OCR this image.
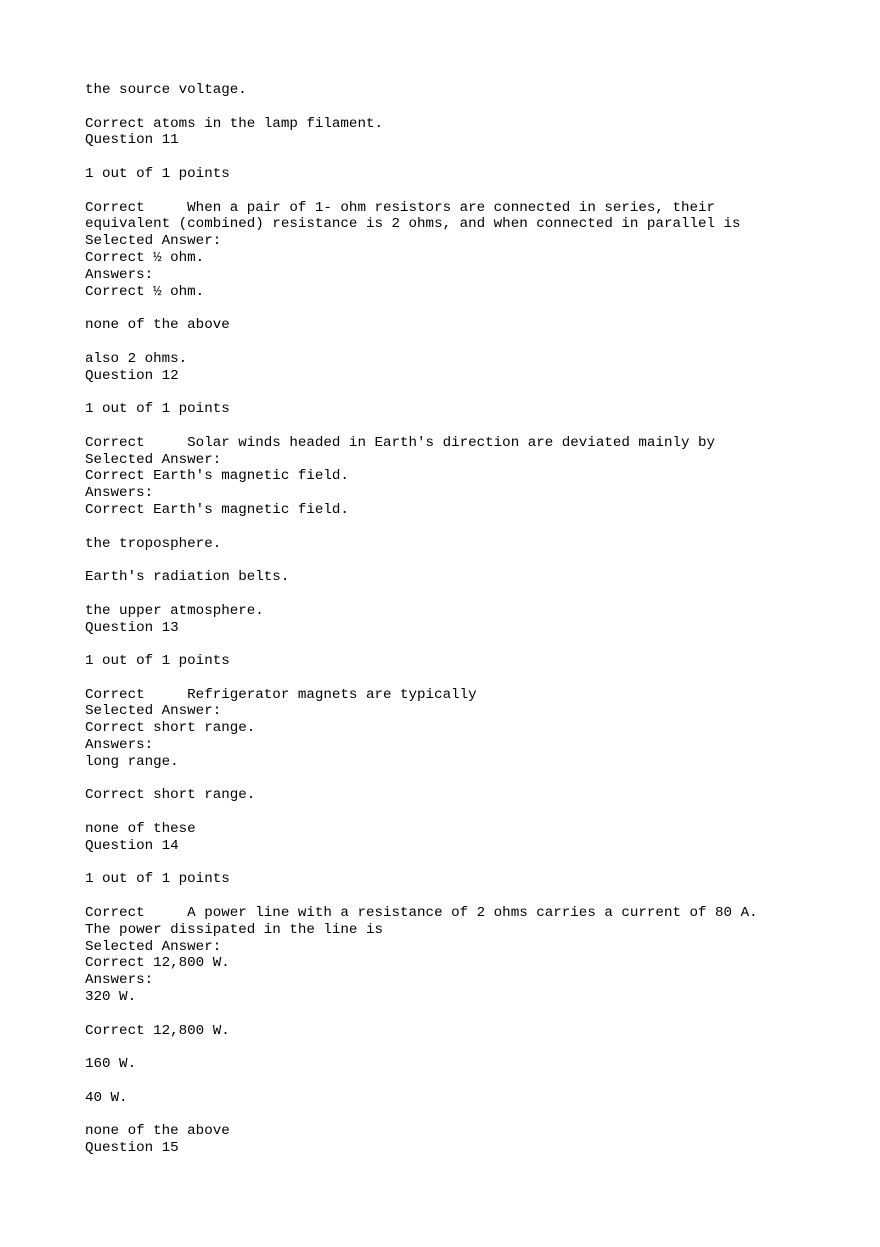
the source voltage.
Correct atoms in the lamp filament.
Question 11
1 out of 1 points
Correct     When a pair of 1- ohm resistors are connected in series, their
equivalent (combined) resistance is 2 ohms, and when connected in parallel is
Selected Answer:
Correct ½ ohm.
Answers:
Correct ½ ohm.
none of the above
also 2 ohms.
Question 12
1 out of 1 points
Correct     Solar winds headed in Earth's direction are deviated mainly by
Selected Answer:
Correct Earth's magnetic field.
Answers:
Correct Earth's magnetic field.
the troposphere.
Earth's radiation belts.
the upper atmosphere.
Question 13
1 out of 1 points
Correct     Refrigerator magnets are typically
Selected Answer:
Correct short range.
Answers:
long range.
Correct short range.
none of these
Question 14
1 out of 1 points
Correct     A power line with a resistance of 2 ohms carries a current of 80 A.
The power dissipated in the line is
Selected Answer:
Correct 12,800 W.
Answers:
320 W.
Correct 12,800 W.
160 W.
40 W.
none of the above
Question 15
